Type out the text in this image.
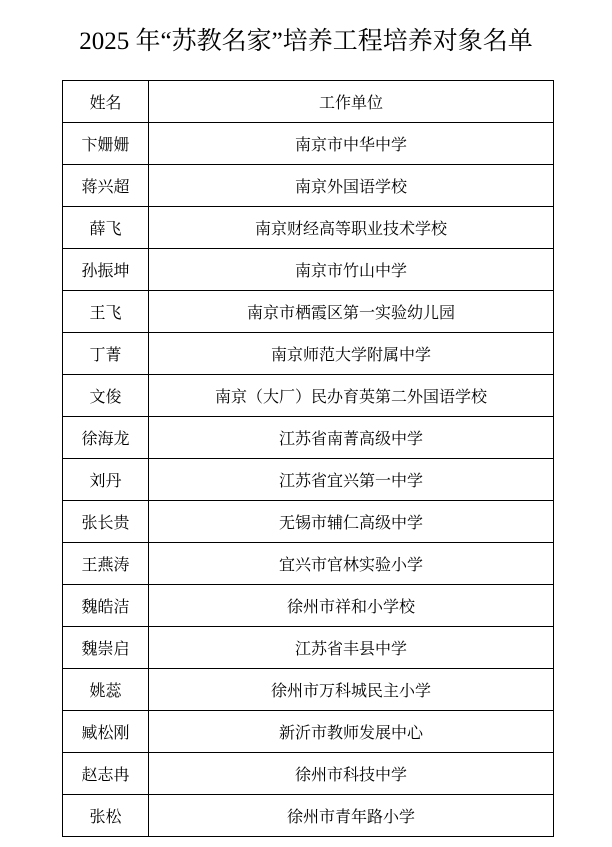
2025 年“苏教名家”培养工程培养对象名单
姓名	工作单位
卞姗姗	南京市中华中学
蒋兴超	南京外国语学校
薛飞	南京财经高等职业技术学校
孙振坤	南京市竹山中学
王飞	南京市栖霞区第一实验幼儿园
丁菁	南京师范大学附属中学
文俊	南京（大厂）民办育英第二外国语学校
徐海龙	江苏省南菁高级中学
刘丹	江苏省宜兴第一中学
张长贵	无锡市辅仁高级中学
王燕涛	宜兴市官林实验小学
魏皓洁	徐州市祥和小学校
魏崇启	江苏省丰县中学
姚蕊	徐州市万科城民主小学
臧松刚	新沂市教师发展中心
赵志冉	徐州市科技中学
张松	徐州市青年路小学
